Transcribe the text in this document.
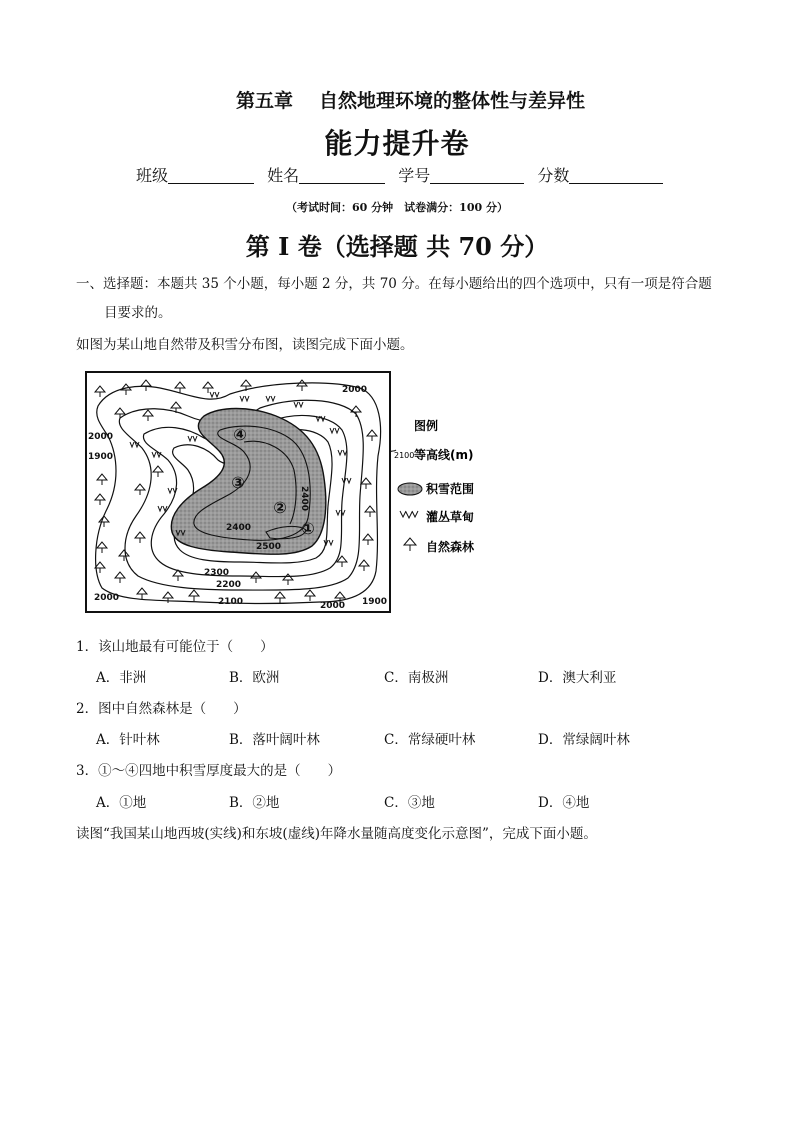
第五章 自然地理环境的整体性与差异性
能力提升卷
班级	姓名	学号	分数
（考试时间：60 分钟　试卷满分：100 分）
第 I 卷（选择题 共 70 分）
一、选择题：本题共 35 个小题，每小题 2 分，共 70 分。在每小题给出的四个选项中，只有一项是符合题
目要求的。
如图为某山地自然带及积雪分布图，读图完成下面小题。
2000
2000
1900
2400
2500
2400
2300
2200
2100
2000
2000 1900
④
③
②
①
图例
2100 等高线(m)
积雪范围
灌丛草甸
自然森林
1．该山地最有可能位于（　　）
A．非洲	B．欧洲	C．南极洲	D．澳大利亚
2．图中自然森林是（　　）
A．针叶林	B．落叶阔叶林	C．常绿硬叶林	D．常绿阔叶林
3．①～④四地中积雪厚度最大的是（　　）
A．①地	B．②地	C．③地	D．④地
读图“我国某山地西坡(实线)和东坡(虚线)年降水量随高度变化示意图”，完成下面小题。
